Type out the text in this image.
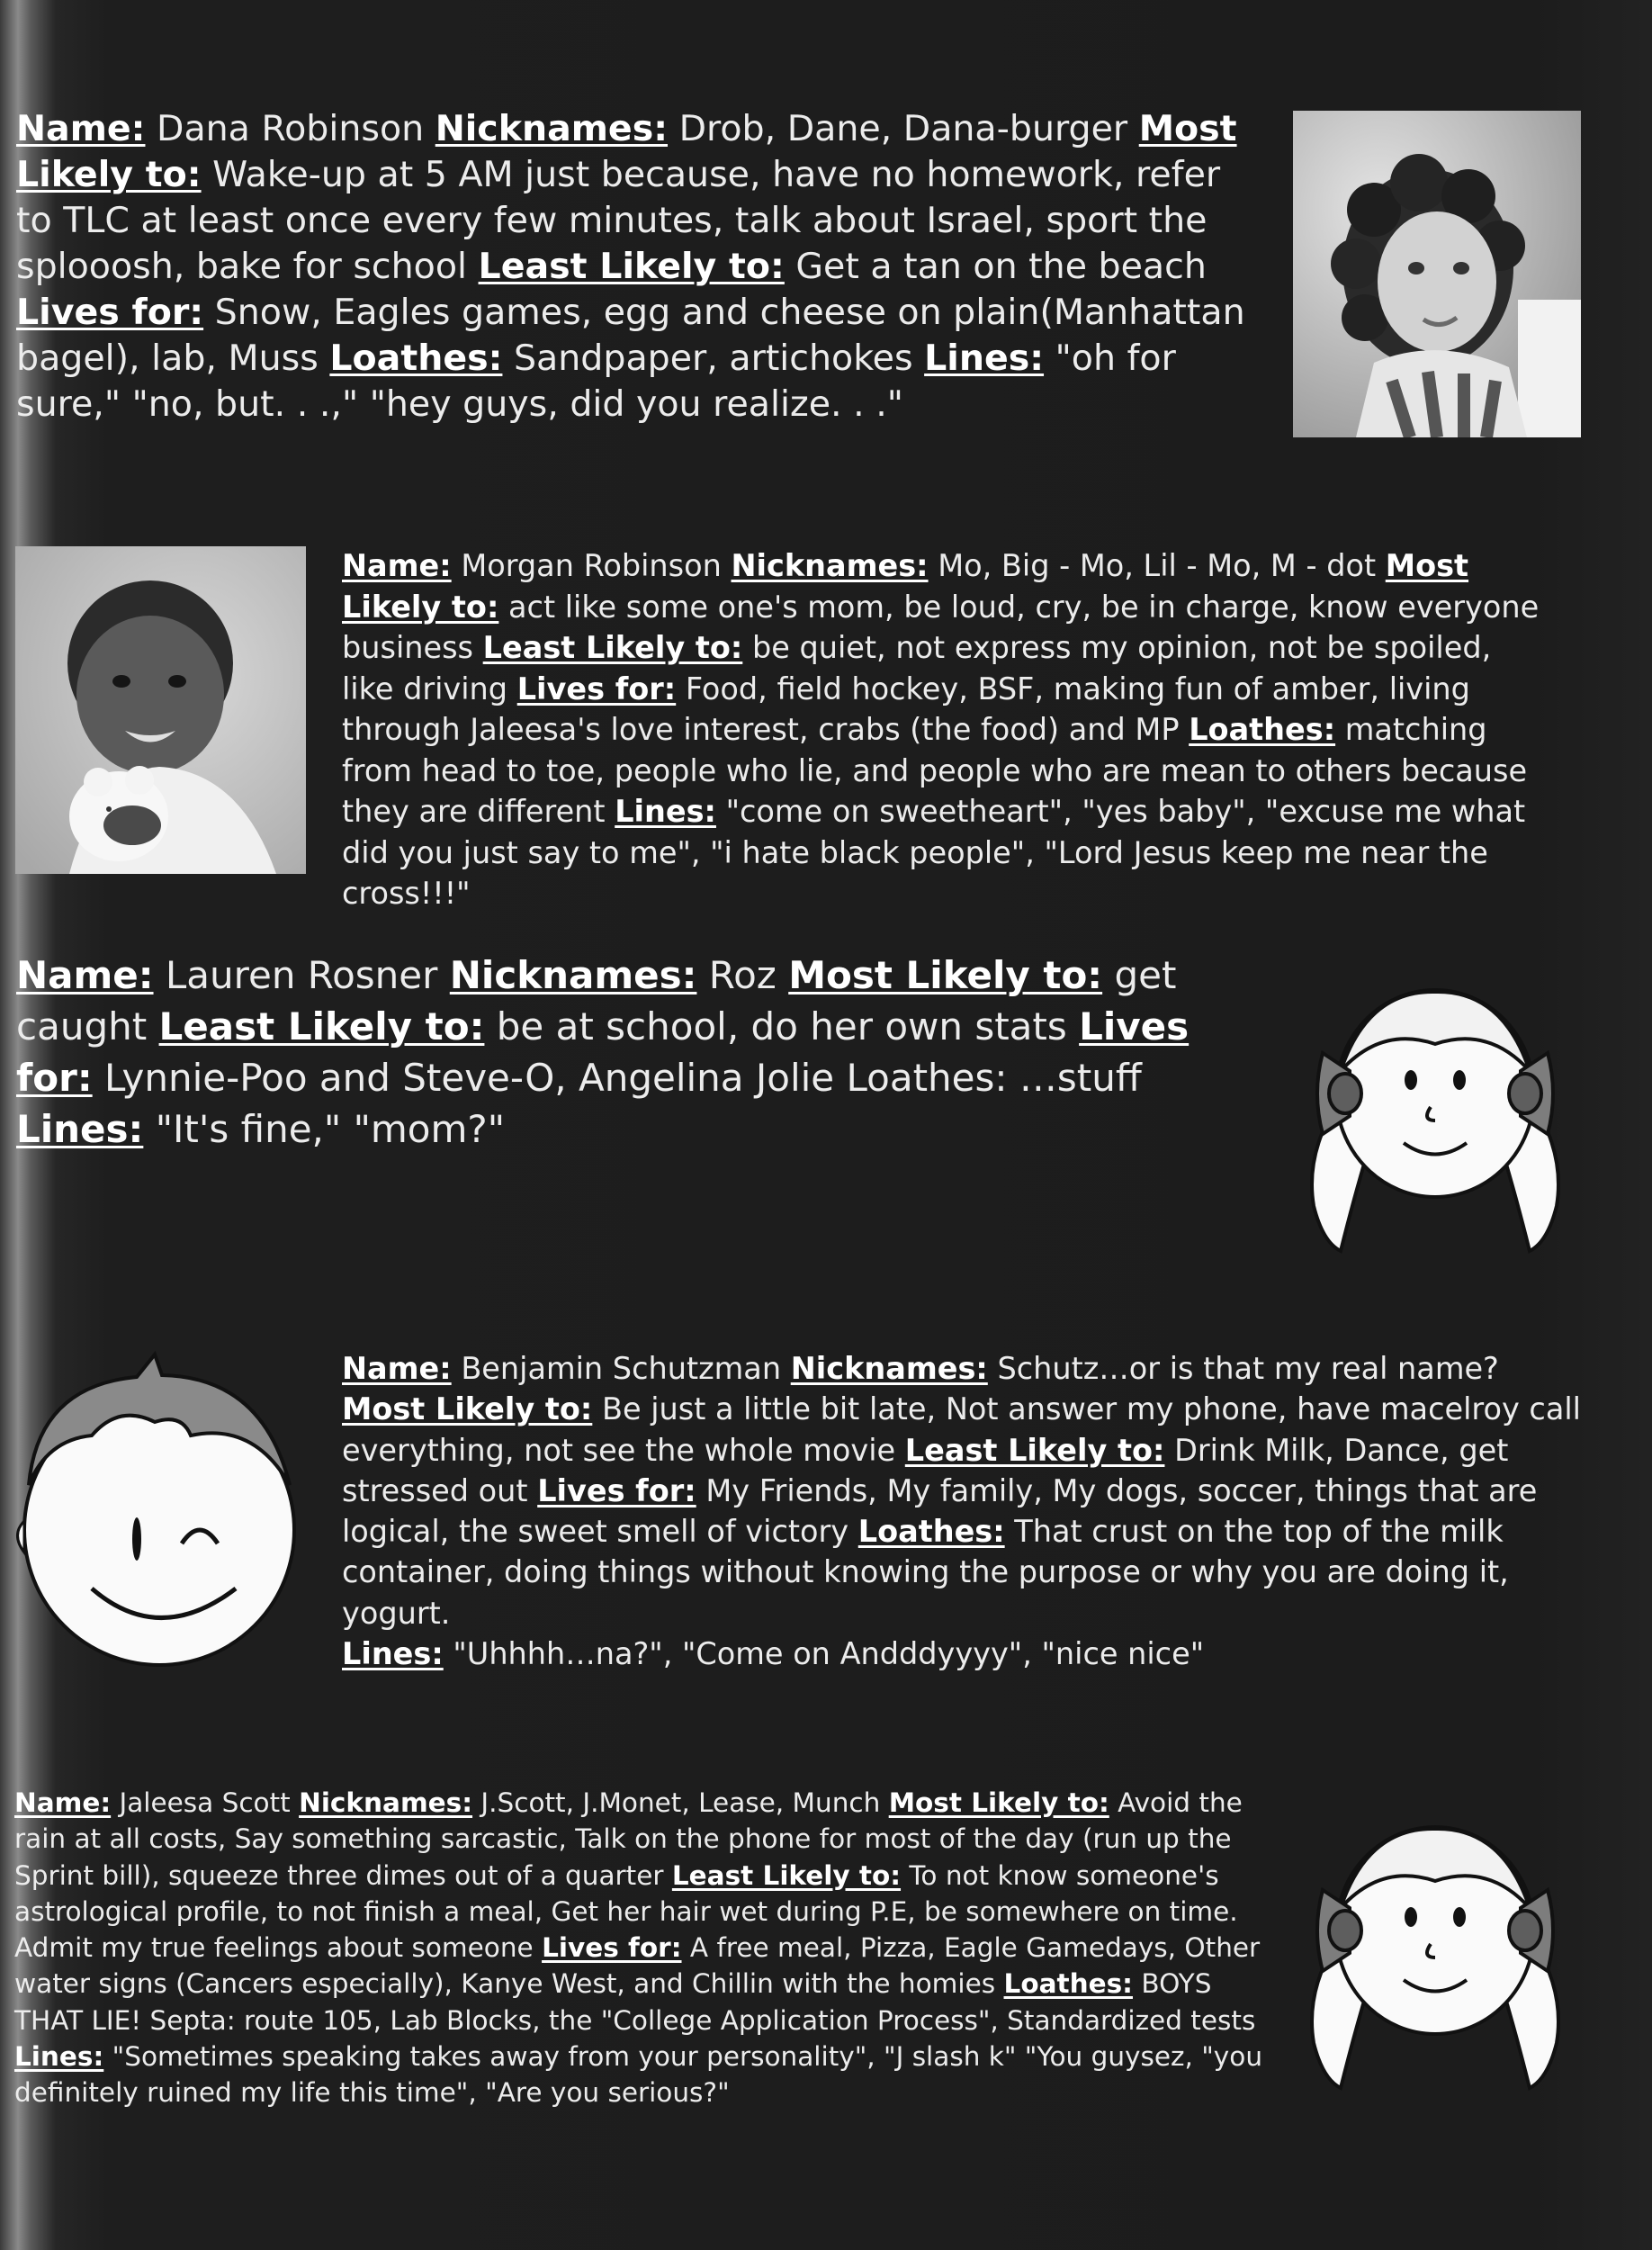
Name: Dana Robinson Nicknames: Drob, Dane, Dana-burger Most Likely to: Wake-up at 5 AM just because, have no homework, refer to TLC at least once every few minutes, talk about Israel, sport the splooosh, bake for school Least Likely to: Get a tan on the beach Lives for: Snow, Eagles games, egg and cheese on plain(Manhattan bagel), lab, Muss Loathes: Sandpaper, artichokes Lines: "oh for sure," "no, but. . .," "hey guys, did you realize. . ."

Name: Morgan Robinson Nicknames: Mo, Big - Mo, Lil - Mo, M - dot Most Likely to: act like some one's mom, be loud, cry, be in charge, know everyone business Least Likely to: be quiet, not express my opinion, not be spoiled, like driving Lives for: Food, field hockey, BSF, making fun of amber, living through Jaleesa's love interest, crabs (the food) and MP Loathes: matching from head to toe, people who lie, and people who are mean to others because they are different Lines: "come on sweetheart", "yes baby", "excuse me what did you just say to me", "i hate black people", "Lord Jesus keep me near the cross!!!"

Name: Lauren Rosner Nicknames: Roz Most Likely to: get caught Least Likely to: be at school, do her own stats Lives for: Lynnie-Poo and Steve-O, Angelina Jolie Loathes: …stuff Lines: "It's fine," "mom?"

Name: Benjamin Schutzman Nicknames: Schutz…or is that my real name? Most Likely to: Be just a little bit late, Not answer my phone, have macelroy call everything, not see the whole movie Least Likely to: Drink Milk, Dance, get stressed out Lives for: My Friends, My family, My dogs, soccer, things that are logical, the sweet smell of victory Loathes: That crust on the top of the milk container, doing things without knowing the purpose or why you are doing it, yogurt.
Lines: "Uhhhh…na?", "Come on Andddyyyy", "nice nice"

Name: Jaleesa Scott Nicknames: J.Scott, J.Monet, Lease, Munch Most Likely to: Avoid the rain at all costs, Say something sarcastic, Talk on the phone for most of the day (run up the Sprint bill), squeeze three dimes out of a quarter Least Likely to: To not know someone's astrological profile, to not finish a meal, Get her hair wet during P.E, be somewhere on time. Admit my true feelings about someone Lives for: A free meal, Pizza, Eagle Gamedays, Other water signs (Cancers especially), Kanye West, and Chillin with the homies Loathes: BOYS THAT LIE! Septa: route 105, Lab Blocks, the "College Application Process", Standardized tests Lines: "Sometimes speaking takes away from your personality", "J slash k" "You guysez, "you definitely ruined my life this time", "Are you serious?"
